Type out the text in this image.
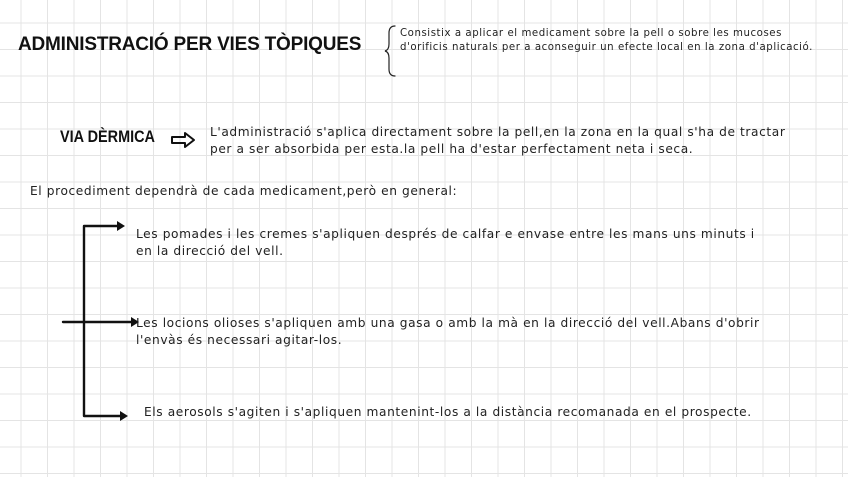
ADMINISTRACIÓ PER VIES TÒPIQUES
Consistix a aplicar el medicament sobre la pell o sobre les mucoses d'orificis naturals per a aconseguir un efecte local en la zona d'aplicació.
VIA DÈRMICA	L'administració s'aplica directament sobre la pell,en la zona en la qual s'ha de tractar per a ser absorbida per esta.la pell ha d'estar perfectament neta i seca.
El procediment dependrà de cada medicament,però en general:
Les pomades i les cremes s'apliquen després de calfar e envase entre les mans uns minuts i en la direcció del vell.
Les locions olioses s'apliquen amb una gasa o amb la mà en la direcció del vell.Abans d'obrir l'envàs és necessari agitar-los.
Els aerosols s'agiten i s'apliquen mantenint-los a la distància recomanada en el prospecte.
